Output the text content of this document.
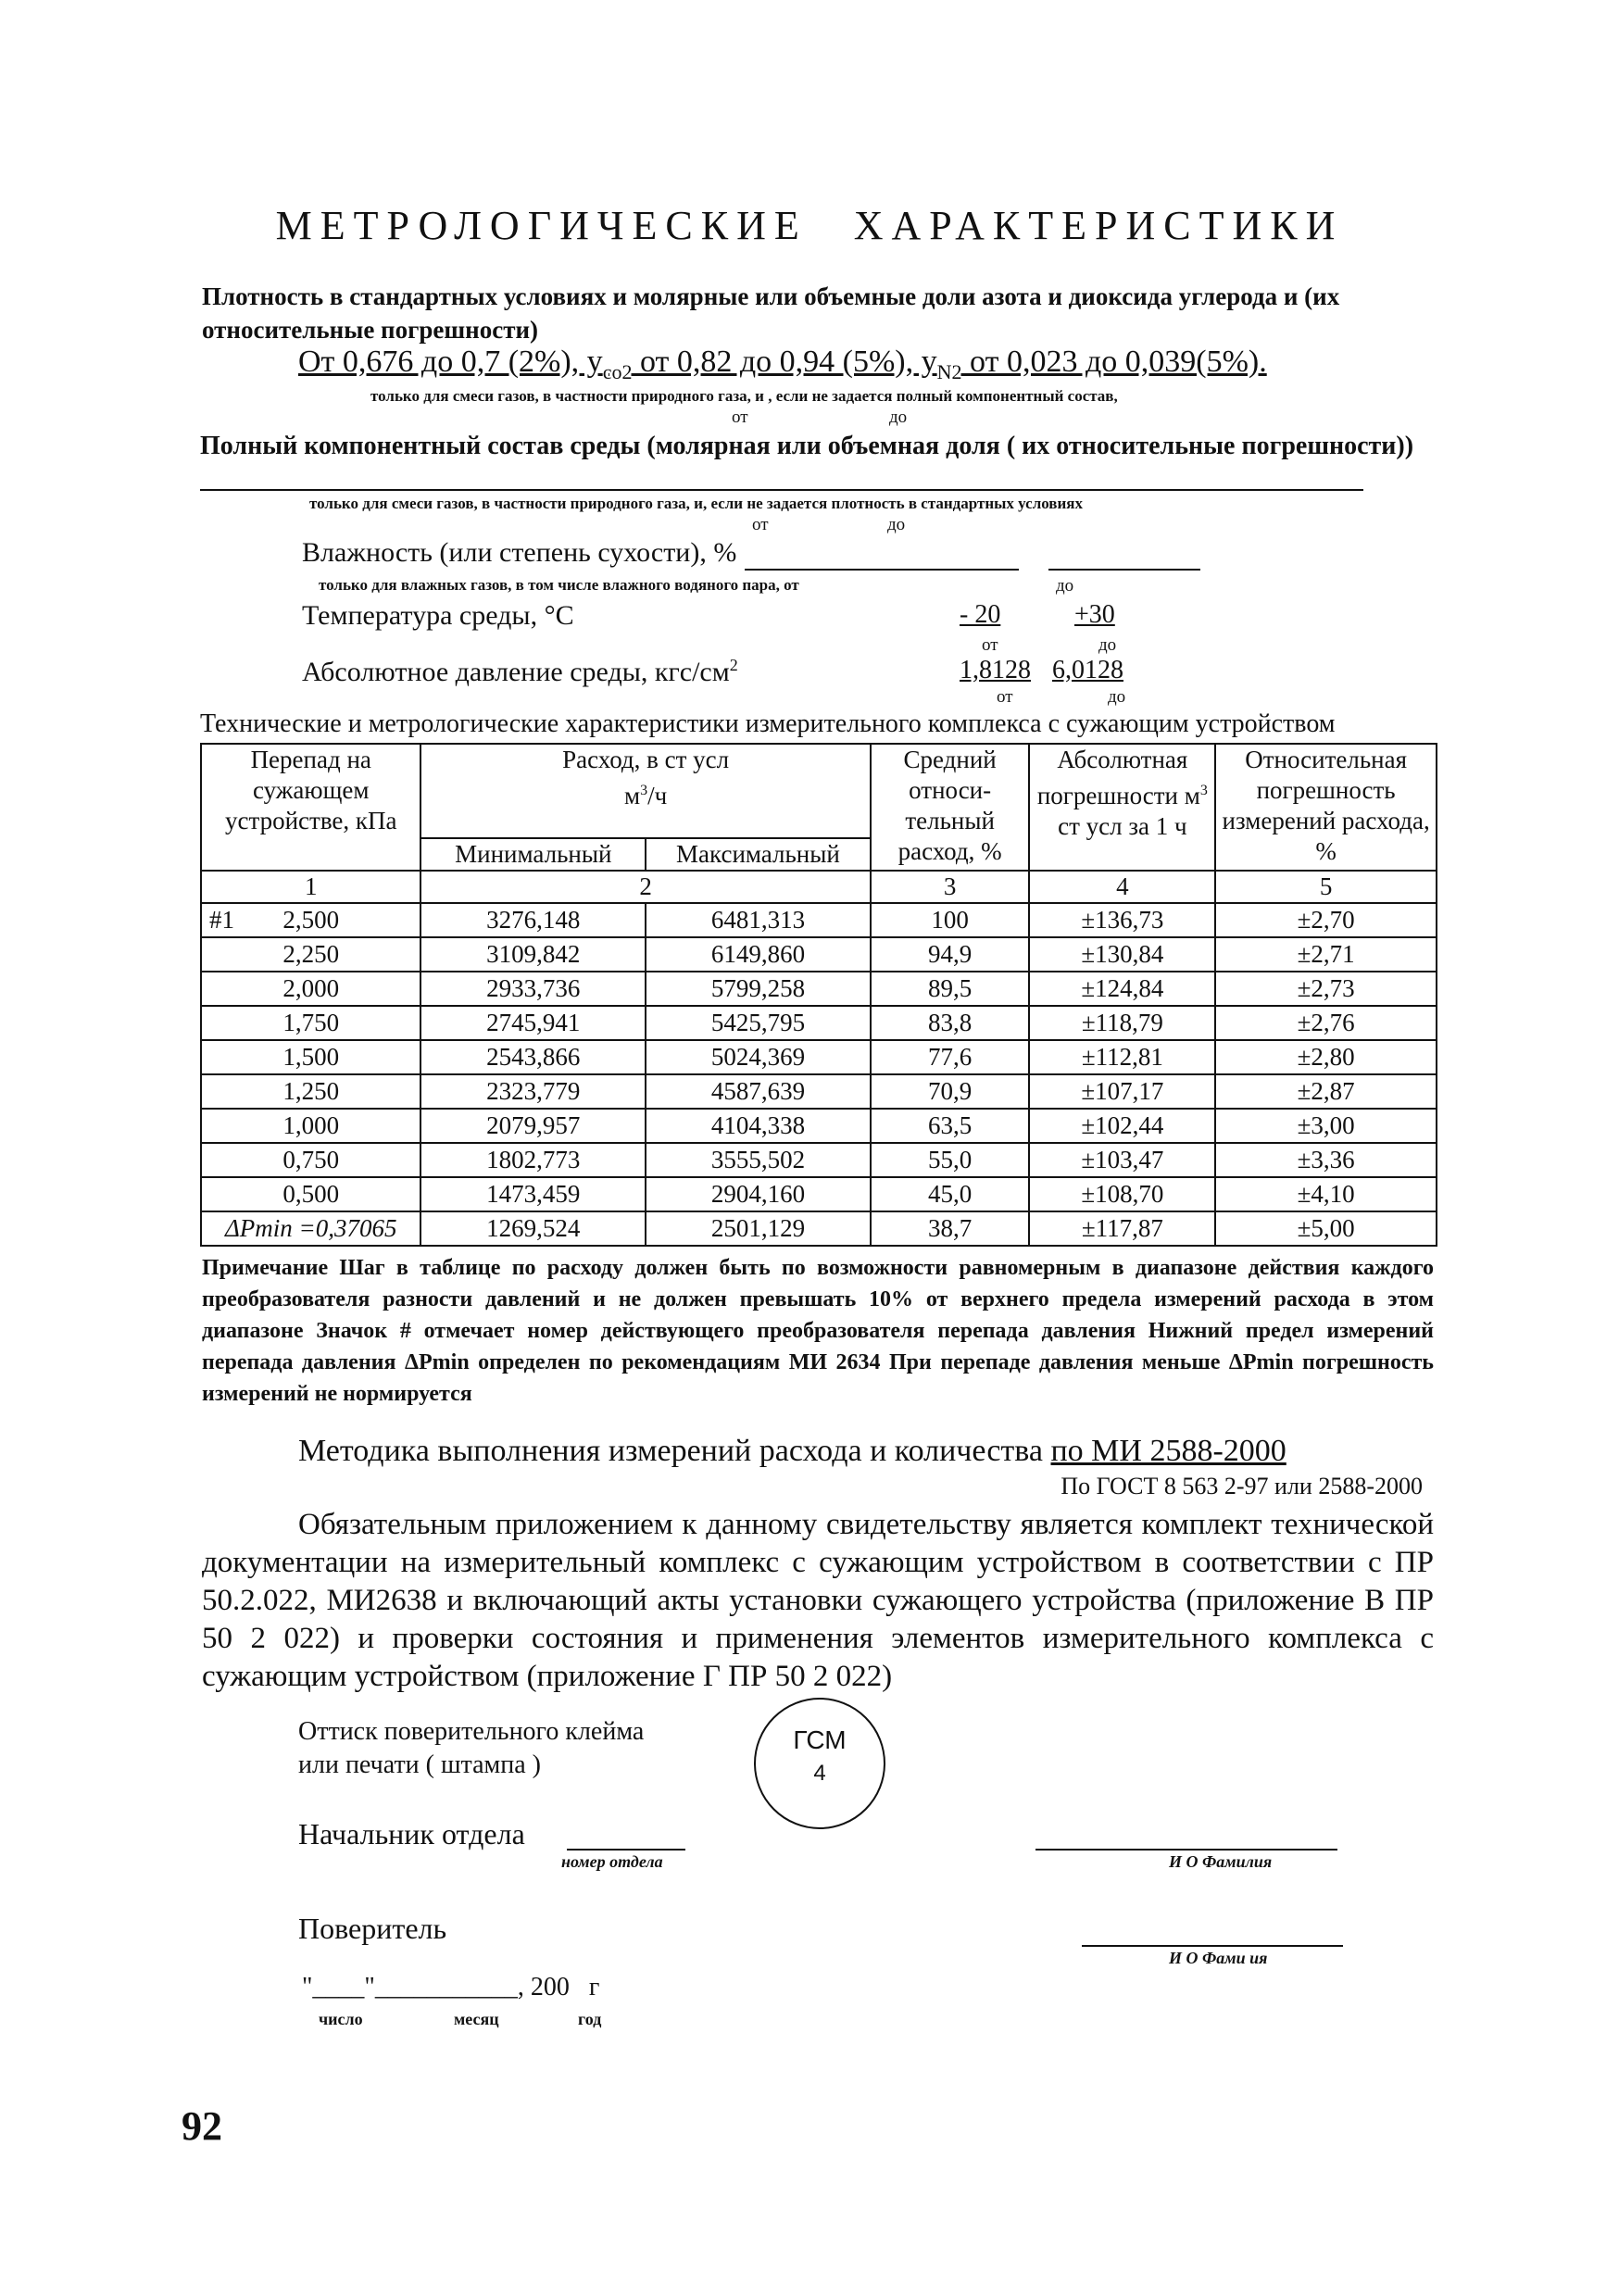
МЕТРОЛОГИЧЕСКИЕ ХАРАКТЕРИСТИКИ
Плотность в стандартных условиях и молярные или объемные доли азота и диоксида углерода и (их относительные погрешности)
От 0,676 до 0,7 (2%), $y_{co2}$ от 0,82 до 0,94 (5%), $y_{N2}$ от 0,023 до 0,039(5%).
только для смеси газов, в частности природного газа, и , если не задается полный компонентный состав,
от	до
Полный компонентный состав среды (молярная или объемная доля ( их относительные погрешности))
только для смеси газов, в частности природного газа, и, если не задается плотность в стандартных условиях
от	до
Влажность (или степень сухости), %
только для влажных газов, в том числе влажного водяного пара, от	до
Температура среды, °C	- 20	+30
от	до
Абсолютное давление среды, кгс/$см^2$	1,8128 6,0128
от	до
Технические и метрологические характеристики измерительного комплекса с сужающим устройством
Перепад на сужающем устройстве, кПа	Расход, в ст усл
$м^3/ч$		Средний относи-тельный расход, %	Абсолютная погрешности $м^3$ ст усл за 1 ч	Относительная погрешность измерений расхода, %
	Минимальный	Максимальный			
1	2		3	4	5

#1 2,500	3276,148	6481,313	100	±136,73	±2,70
2,250	3109,842	6149,860	94,9	±130,84	±2,71
2,000	2933,736	5799,258	89,5	±124,84	±2,73
1,750	2745,941	5425,795	83,8	±118,79	±2,76
1,500	2543,866	5024,369	77,6	±112,81	±2,80
1,250	2323,779	4587,639	70,9	±107,17	±2,87
1,000	2079,957	4104,338	63,5	±102,44	±3,00
0,750	1802,773	3555,502	55,0	±103,47	±3,36
0,500	1473,459	2904,160	45,0	±108,70	±4,10
ΔPmin =0,37065	1269,524	2501,129	38,7	±117,87	±5,00
Примечание Шаг в таблице по расходу должен быть по возможности равномерным в диапазоне действия каждого преобразователя разности давлений и не должен превышать 10% от верхнего предела измерений расхода в этом диапазоне Значок # отмечает номер действующего преобразователя перепада давления Нижний предел измерений перепада давления ΔPmin определен по рекомендациям МИ 2634 При перепаде давления меньше ΔPmin погрешность измерений не нормируется
Методика выполнения измерений расхода и количества по МИ 2588-2000
По ГОСТ 8 563 2-97 или 2588-2000
Обязательным приложением к данному свидетельству является комплект технической документации на измерительный комплекс с сужающим устройством в соответствии с ПР 50.2.022, МИ2638 и включающий акты установки сужающего устройства (приложение В ПР 50 2 022) и проверки состояния и применения элементов измерительного комплекса с сужающим устройством (приложение Г ПР 50 2 022)
Оттиск поверительного клейма
или печати ( штампа )
ГСМ
4
Начальник отдела
номер отдела	И О Фамилия
Поверитель
И О Фами ия
"____"___________, 200   г
число	месяц	год
92
